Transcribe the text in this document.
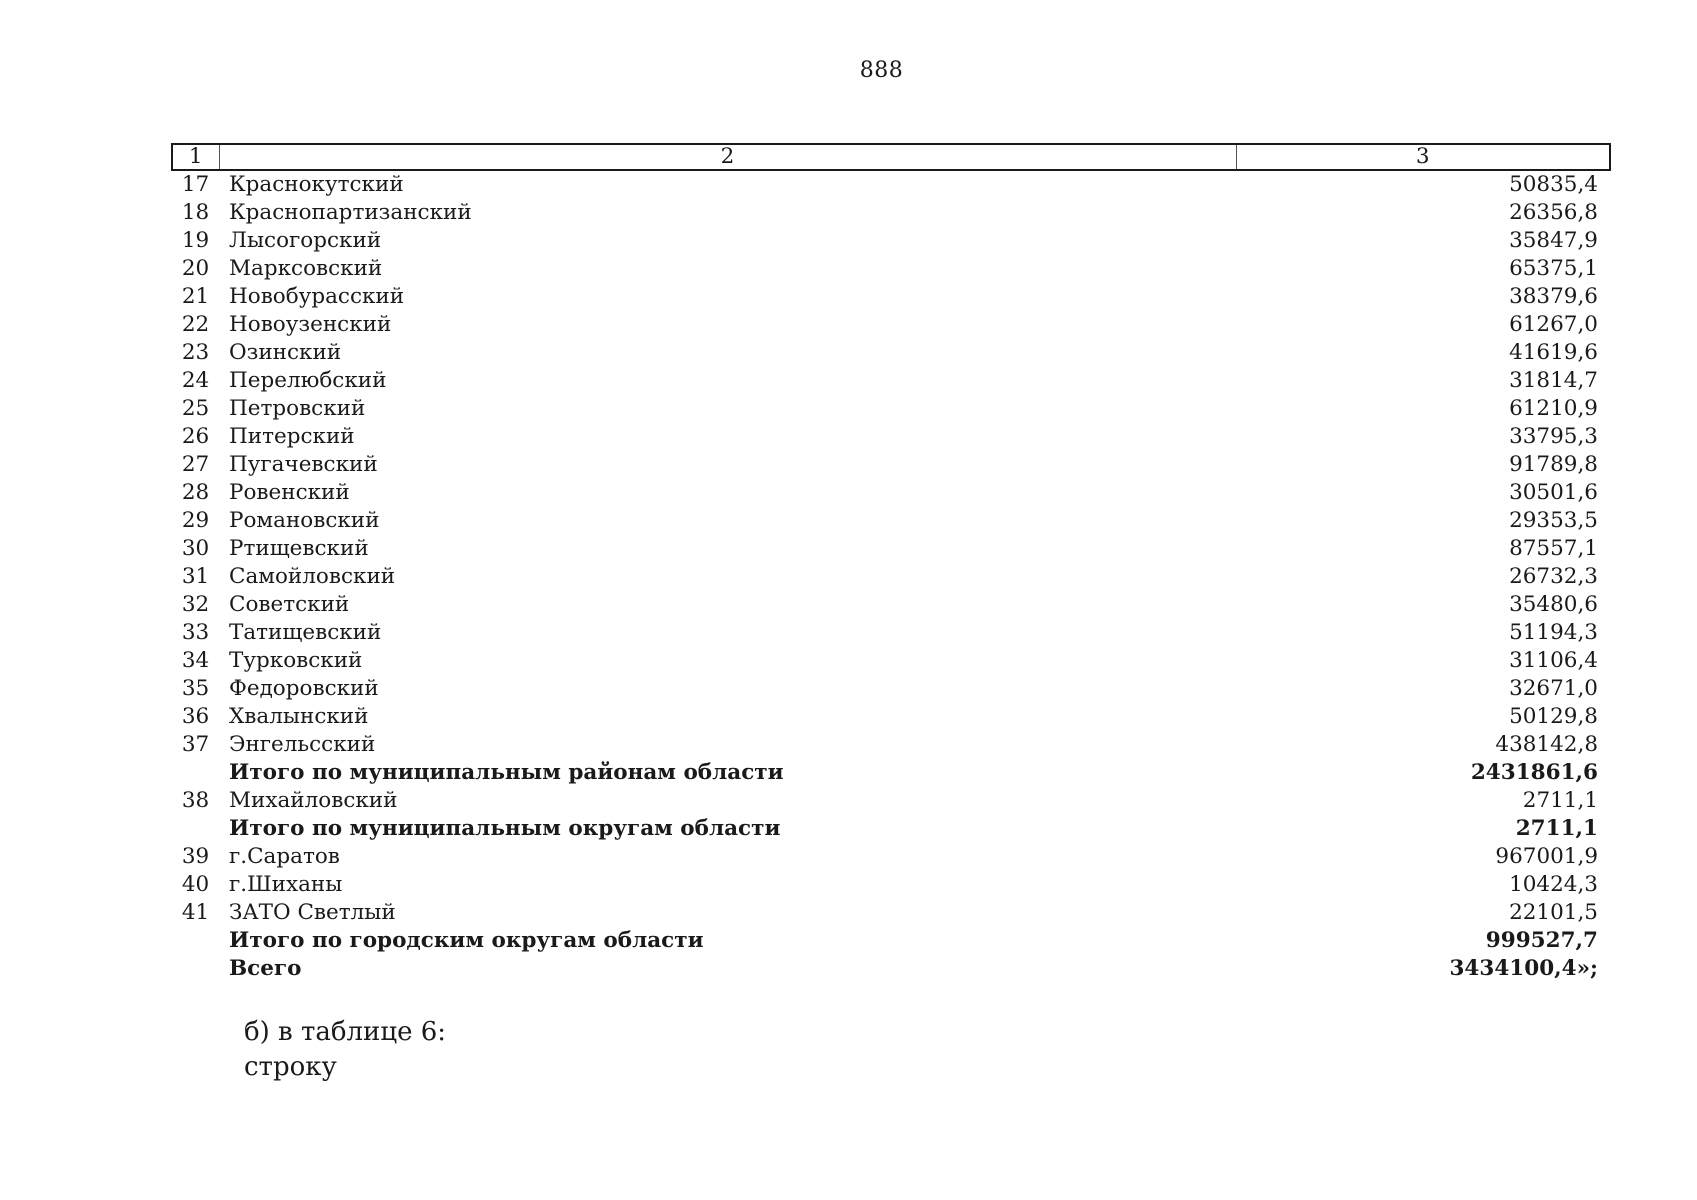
888
1	2	3
17	Краснокутский	50835,4
18	Краснопартизанский	26356,8
19	Лысогорский	35847,9
20	Марксовский	65375,1
21	Новобурасский	38379,6
22	Новоузенский	61267,0
23	Озинский	41619,6
24	Перелюбский	31814,7
25	Петровский	61210,9
26	Питерский	33795,3
27	Пугачевский	91789,8
28	Ровенский	30501,6
29	Романовский	29353,5
30	Ртищевский	87557,1
31	Самойловский	26732,3
32	Советский	35480,6
33	Татищевский	51194,3
34	Турковский	31106,4
35	Федоровский	32671,0
36	Хвалынский	50129,8
37	Энгельсский	438142,8
	Итого по муниципальным районам области	2431861,6
38	Михайловский	2711,1
	Итого по муниципальным округам области	2711,1
39	г.Саратов	967001,9
40	г.Шиханы	10424,3
41	ЗАТО Светлый	22101,5
	Итого по городским округам области	999527,7
	Всего	3434100,4»;
б) в таблице 6:
строку
